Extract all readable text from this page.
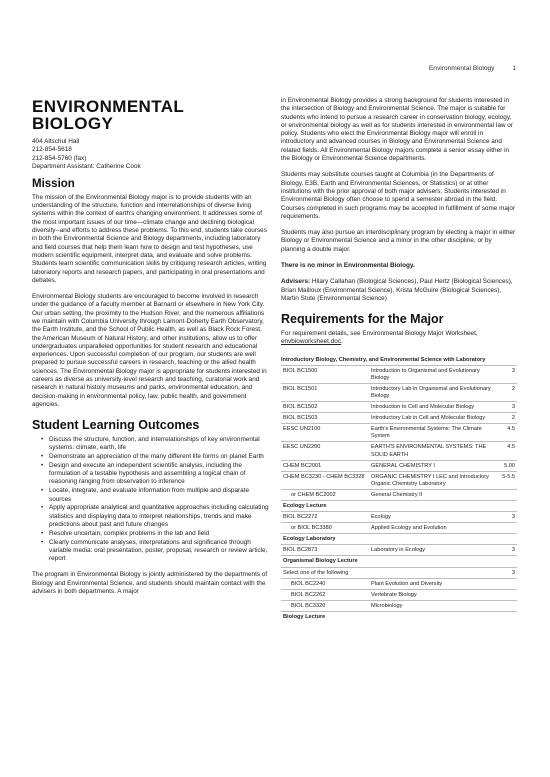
Environmental Biology	1
ENVIRONMENTAL BIOLOGY
404 Altschul Hall
212-854-5618
212-854-5760 (fax)
Department Assistant: Catherine Cook
Mission

The mission of the Environmental Biology major is to provide students with an understanding of the structure, function and interrelationships of diverse living systems within the context of earth's changing environment. It addresses some of the most important issues of our time—climate change and declining biological diversity--and efforts to address these problems. To this end, students take courses in both the Environmental Science and Biology departments, including laboratory and field courses that help them learn how to design and test hypotheses, use modern scientific equipment, interpret data, and evaluate and solve problems. Students learn scientific communication skills by critiquing research articles, writing laboratory reports and research papers, and participating in oral presentations and debates.

Environmental Biology students are encouraged to become involved in research under the guidance of a faculty member at Barnard or elsewhere in New York City. Our urban setting, the proximity to the Hudson River, and the numerous affiliations we maintain with Columbia University through Lamont-Doherty Earth Observatory, the Earth Institute, and the School of Public Health, as well as Black Rock Forest, the American Museum of Natural History, and other institutions, allow us to offer undergraduates unparalleled opportunities for student research and educational experiences. Upon successful completion of our program, our students are well prepared to pursue successful careers in research, teaching or the allied health sciences. The Environmental Biology major is appropriate for students interested in careers as diverse as university-level research and teaching, curatorial work and research in natural history museums and parks, environmental education, and decision-making in environmental policy, law, public health, and government agencies.

Student Learning Outcomes
• Discuss the structure, function, and interrelationships of key environmental systems: climate, earth, life
• Demonstrate an appreciation of the many different life forms on planet Earth
• Design and execute an independent scientific analysis, including the formulation of a testable hypothesis and assembling a logical chain of reasoning ranging from observation to inference
• Locate, integrate, and evaluate information from multiple and disparate sources
• Apply appropriate analytical and quantitative approaches including calculating statistics and displaying data to interpret relationships, trends and make predictions about past and future changes
• Resolve uncertain, complex problems in the lab and field
• Clearly communicate analyses, interpretations and significance through variable media: oral presentation, poster, proposal, research or review article, report

The program in Environmental Biology is jointly administered by the departments of Biology and Environmental Science, and students should maintain contact with the advisers in both departments. A major

in Environmental Biology provides a strong background for students interested in the intersection of Biology and Environmental Science. The major is suitable for students who intend to pursue a research career in conservation biology, ecology, or environmental biology as well as for students interested in environmental law or policy. Students who elect the Environmental Biology major will enroll in introductory and advanced courses in Biology and Environmental Science and related fields. All Environmental Biology majors complete a senior essay either in the Biology or Environmental Science departments.

Students may substitute courses taught at Columbia (in the Departments of Biology, E3B, Earth and Environmental Sciences, or Statistics) or at other institutions with the prior approval of both major advisers. Students interested in Environmental Biology often choose to spend a semester abroad in the field. Courses completed in such programs may be accepted in fulfillment of some major requirements.

Students may also pursue an interdisciplinary program by electing a major in either Biology or Environmental Science and a minor in the other discipline, or by planning a double major.

There is no minor in Environmental Biology.

Advisers: Hilary Callahan (Biological Sciences), Paul Hertz (Biological Sciences), Brian Mailloux (Environmental Science), Krista McGuire (Biological Sciences), Martin Stute (Environmental Science)

Requirements for the Major

For requirement details, see Environmental Biology Major Worksheet, envbioworksheet.doc.

Introductory Biology, Chemistry, and Environmental Science with Laboratory		
BIOL BC1500	Introduction to Organismal and Evolutionary Biology	3
BIOL BC1501	Introductory Lab in Organismal and Evolutionary Biology	2
BIOL BC1502	Introduction to Cell and Molecular Biology	3
BIOL BC1503	Introductory Lab in Cell and Molecular Biology	2
EESC UN2100	Earth's Environmental Systems: The Climate System	4.5
EESC UN2200	EARTH'S ENVIRONMENTAL SYSTEMS: THE SOLID EARTH	4.5
CHEM BC2001	GENERAL CHEMISTRY I	5.00
CHEM BC3230 - CHEM BC3328	ORGANIC CHEMISTRY I LEC and Introductory Organic Chemistry Laboratory	5-5.5
or CHEM BC2002	General Chemistry II	
Ecology Lecture		
BIOL BC2272	Ecology	3
or BIOL BC3380	Applied Ecology and Evolution	
Ecology Laboratory		
BIOL BC2873	Laboratory in Ecology	3
Organismal Biology Lecture		
Select one of the following		3
BIOL BC2240	Plant Evolution and Diversity	
BIOL BC2262	Vertebrate Biology	
BIOL BC3320	Microbiology	
Biology Lecture		
